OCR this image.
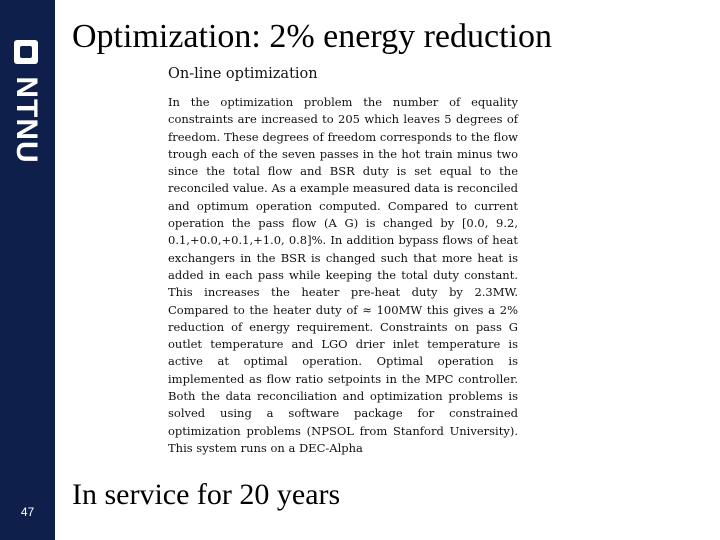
NTNU
47
Optimization: 2% energy reduction
On-line optimization

In the optimization problem the number of equality constraints are increased to 205 which leaves 5 degrees of freedom. These degrees of freedom corresponds to the flow trough each of the seven passes in the hot train minus two since the total flow and BSR duty is set equal to the reconciled value. As a example measured data is reconciled and optimum operation computed. Compared to current operation the pass flow (A G) is changed by [0.0, 9.2, 0.1,+0.0,+0.1,+1.0, 0.8]%. In addition bypass flows of heat exchangers in the BSR is changed such that more heat is added in each pass while keeping the total duty constant. This increases the heater pre-heat duty by 2.3MW. Compared to the heater duty of ≈ 100MW this gives a 2% reduction of energy requirement. Constraints on pass G outlet temperature and LGO drier inlet temperature is active at optimal operation. Optimal operation is implemented as flow ratio setpoints in the MPC controller. Both the data reconciliation and optimization problems is solved using a software package for constrained optimization problems (NPSOL from Stanford University). This system runs on a DEC-Alpha

In service for 20 years
